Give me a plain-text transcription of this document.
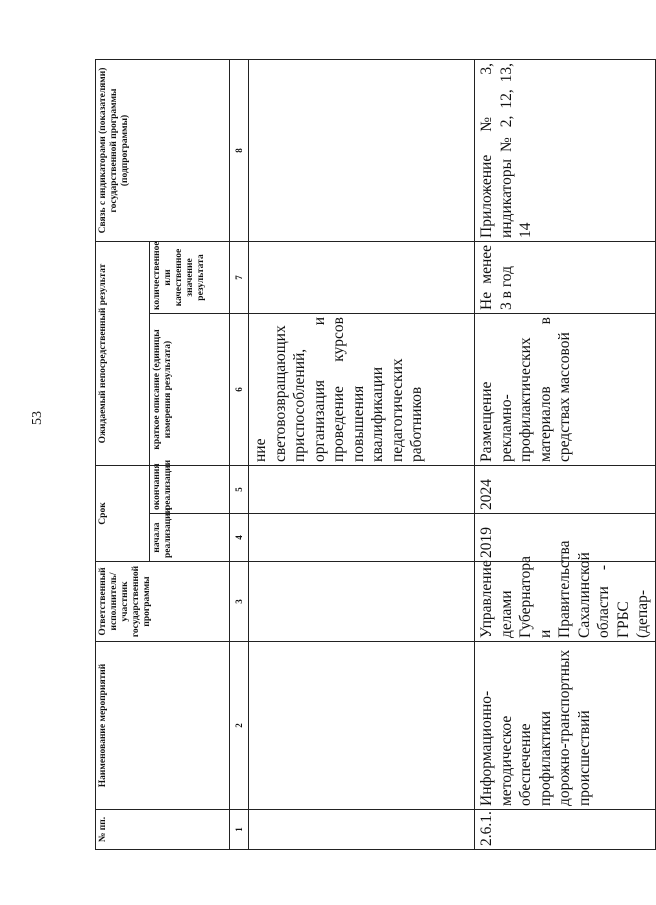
53
№ пп.	Наименование мероприятий	Ответственный исполнитель/ участник государственной программы	Срок		Ожидаемый непосредственный результат		Связь с индикаторами (показателями) государственной программы (подпрограммы)
			начала реализации	окончания реализации	краткое описание (единицы измерения результата)	количественное или качественное значение результата	
1	2	3	4	5	6	7	8
					ние световозвращающих приспособлений, организация и проведение курсов повышения квалификации педагогических работников		
2.6.1.	Информационно-методическое обеспечение профилактики дорожно-транспортных происшествий	Управление делами Губернатора и Правительства Сахалинской области - ГРБС (депар-	2019	2024	Размещение рекламно-профилактических материалов в средствах массовой	Не менее 3 в год	Приложение № 3, индикаторы № 2, 12, 13, 14
